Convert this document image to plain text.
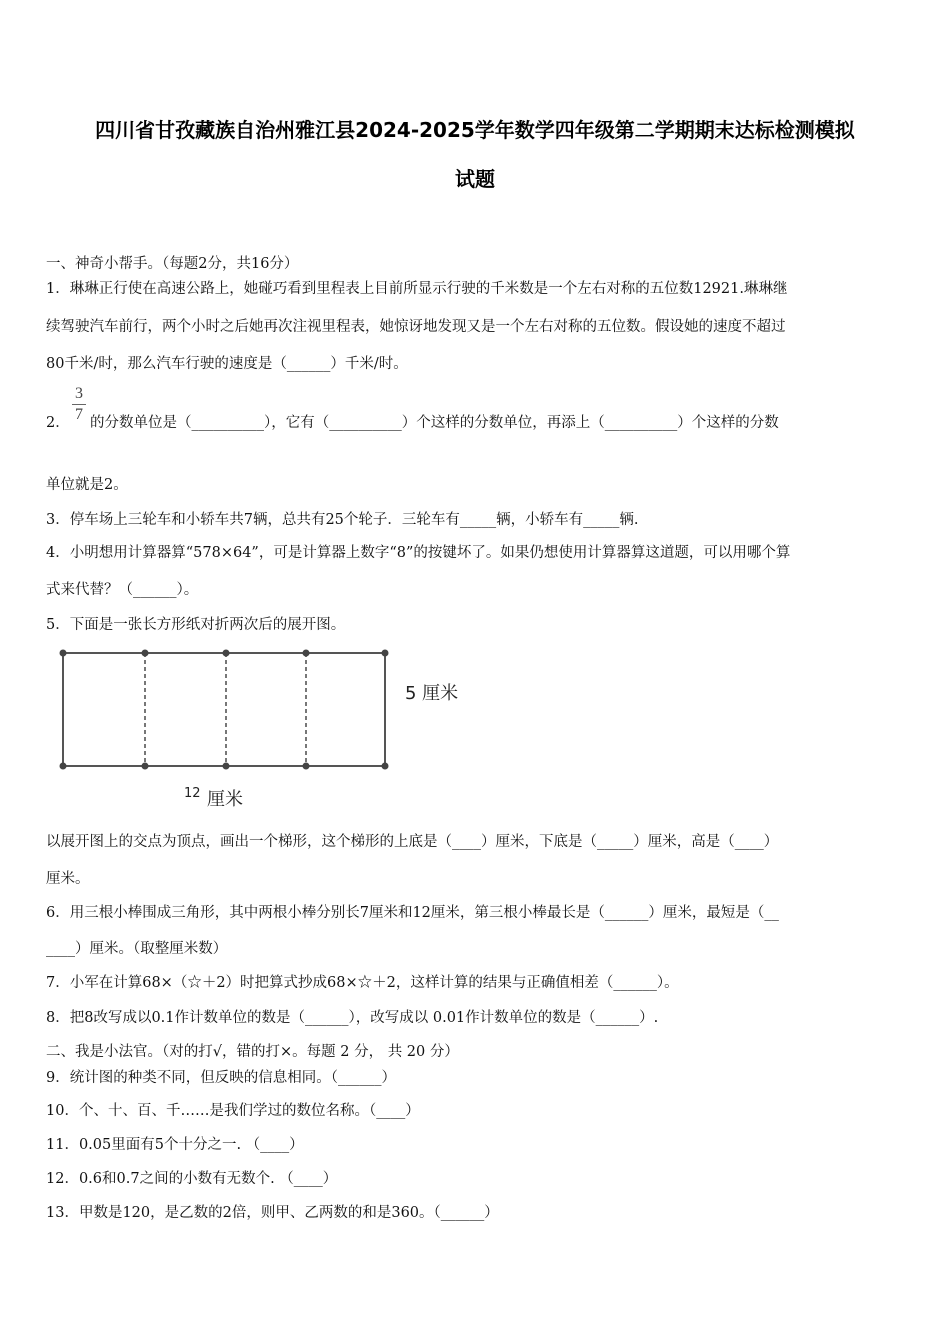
四川省甘孜藏族自治州雅江县2024-2025学年数学四年级第二学期期末达标检测模拟
试题
一、神奇小帮手。（每题2分，共16分）
1．琳琳正行使在高速公路上，她碰巧看到里程表上目前所显示行驶的千米数是一个左右对称的五位数12921.琳琳继
续驾驶汽车前行，两个小时之后她再次注视里程表，她惊讶地发现又是一个左右对称的五位数。假设她的速度不超过
80千米/时，那么汽车行驶的速度是（______）千米/时。
3
7
2． 的分数单位是（__________），它有（__________）个这样的分数单位，再添上（__________）个这样的分数
单位就是2。
3．停车场上三轮车和小轿车共7辆，总共有25个轮子．三轮车有_____辆，小轿车有_____辆.
4．小明想用计算器算“578×64”，可是计算器上数字“8”的按键坏了。如果仍想使用计算器算这道题，可以用哪个算
式来代替？（______）。
5．下面是一张长方形纸对折两次后的展开图。
5 厘米
12 厘米
以展开图上的交点为顶点，画出一个梯形，这个梯形的上底是（____）厘米，下底是（_____）厘米，高是（____）
厘米。
6．用三根小棒围成三角形，其中两根小棒分别长7厘米和12厘米，第三根小棒最长是（______）厘米，最短是（__
____）厘米。（取整厘米数）
7．小军在计算68×（☆＋2）时把算式抄成68×☆＋2，这样计算的结果与正确值相差（______）。
8．把8改写成以0.1作计数单位的数是（______），改写成以 0.01作计数单位的数是（______）.
二、我是小法官。（对的打√，错的打×。每题 2 分， 共 20 分）
9．统计图的种类不同，但反映的信息相同。（______）
10．个、十、百、千……是我们学过的数位名称。（____）
11．0.05里面有5个十分之一. （____）
12．0.6和0.7之间的小数有无数个. （____）
13．甲数是120，是乙数的2倍，则甲、乙两数的和是360。（______）
